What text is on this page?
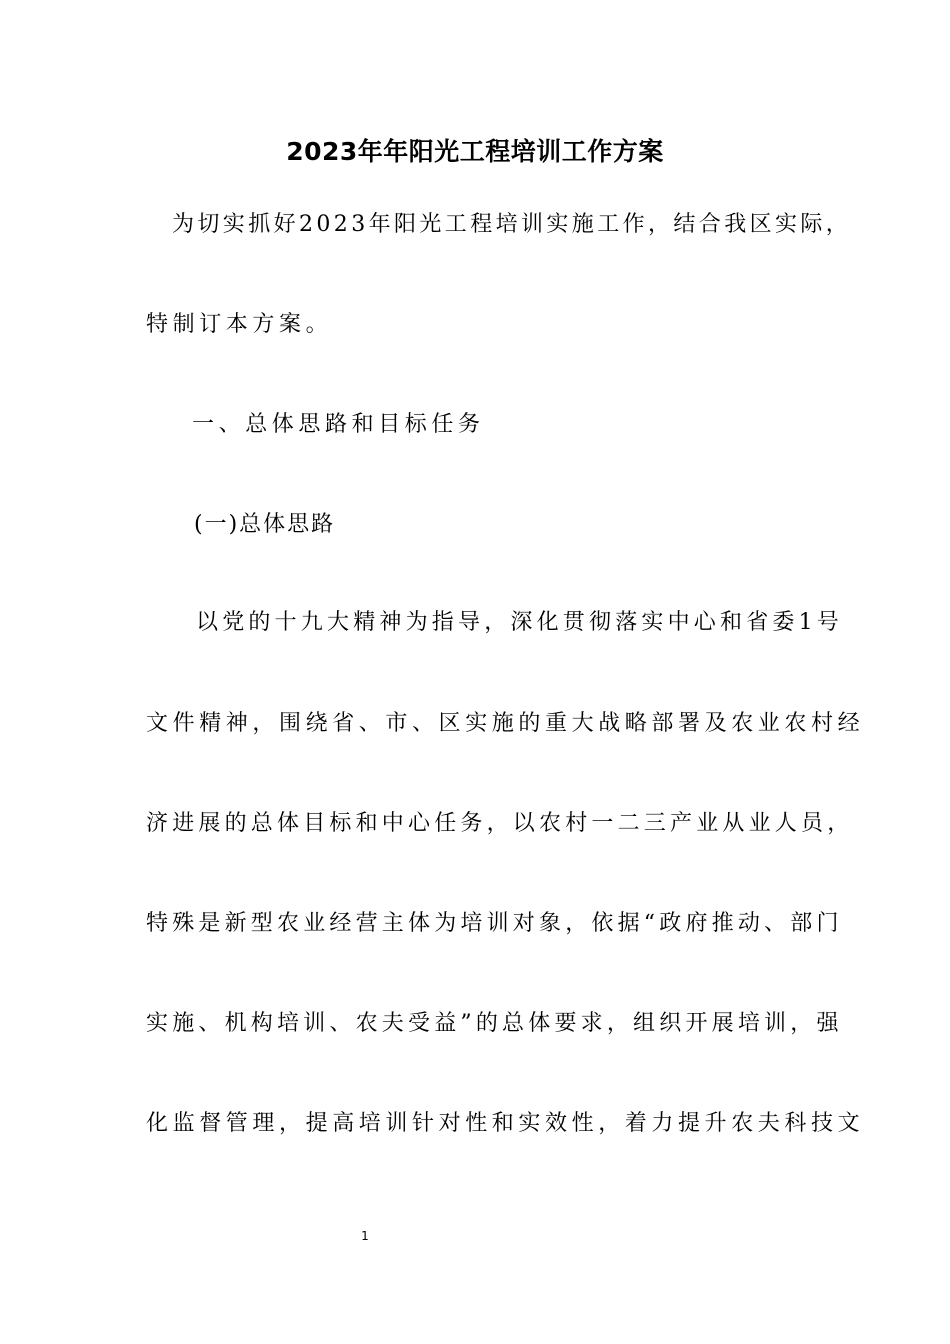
2023年年阳光工程培训工作方案
为切实抓好2023年阳光工程培训实施工作，结合我区实际，
特制订本方案。
一、总体思路和目标任务
(一)总体思路
以党的十九大精神为指导，深化贯彻落实中心和省委1号
文件精神，围绕省、市、区实施的重大战略部署及农业农村经
济进展的总体目标和中心任务，以农村一二三产业从业人员，
特殊是新型农业经营主体为培训对象，依据“政府推动、部门
实施、机构培训、农夫受益”的总体要求，组织开展培训，强
化监督管理，提高培训针对性和实效性，着力提升农夫科技文
1
